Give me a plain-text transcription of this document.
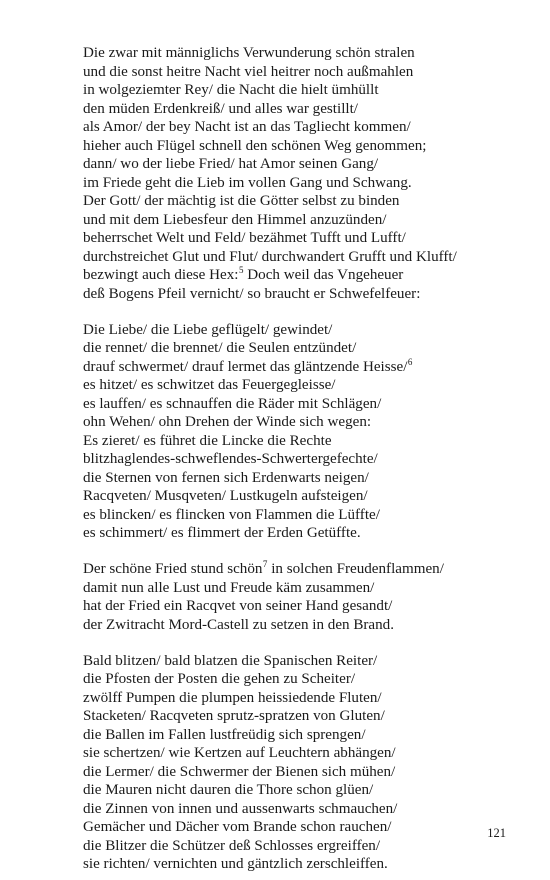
Die zwar mit männiglichs Verwunderung schön stralen
und die sonst heitre Nacht viel heitrer noch außmahlen
in wolgeziemter Rey/ die Nacht die hielt ümhüllt
den müden Erdenkreiß/ und alles war gestillt/
als Amor/ der bey Nacht ist an das Tagliecht kommen/
hieher auch Flügel schnell den schönen Weg genommen;
dann/ wo der liebe Fried/ hat Amor seinen Gang/
im Friede geht die Lieb im vollen Gang und Schwang.
Der Gott/ der mächtig ist die Götter selbst zu binden
und mit dem Liebesfeur den Himmel anzuzünden/
beherrschet Welt und Feld/ bezähmet Tufft und Lufft/
durchstreichet Glut und Flut/ durchwandert Grufft und Klufft/
bezwingt auch diese Hex:$^5$ Doch weil das Vngeheuer
deß Bogens Pfeil vernicht/ so braucht er Schwefelfeuer:
Die Liebe/ die Liebe geflügelt/ gewindet/
die rennet/ die brennet/ die Seulen entzündet/
drauf schwermet/ drauf lermet das gläntzende Heisse/$^6$
es hitzet/ es schwitzet das Feuergegleisse/
es lauffen/ es schnauffen die Räder mit Schlägen/
ohn Wehen/ ohn Drehen der Winde sich wegen:
Es zieret/ es führet die Lincke die Rechte
blitzhaglendes-schweflendes-Schwertergefechte/
die Sternen von fernen sich Erdenwarts neigen/
Racqveten/ Musqveten/ Lustkugeln aufsteigen/
es blincken/ es flincken von Flammen die Lüffte/
es schimmert/ es flimmert der Erden Getüffte.
Der schöne Fried stund schön$^7$ in solchen Freudenflammen/
damit nun alle Lust und Freude käm zusammen/
hat der Fried ein Racqvet von seiner Hand gesandt/
der Zwitracht Mord-Castell zu setzen in den Brand.
Bald blitzen/ bald blatzen die Spanischen Reiter/
die Pfosten der Posten die gehen zu Scheiter/
zwölff Pumpen die plumpen heissiedende Fluten/
Stacketen/ Racqveten sprutz-spratzen von Gluten/
die Ballen im Fallen lustfreüdig sich sprengen/
sie schertzen/ wie Kertzen auf Leuchtern abhängen/
die Lermer/ die Schwermer der Bienen sich mühen/
die Mauren nicht dauren die Thore schon glüen/
die Zinnen von innen und aussenwarts schmauchen/
Gemächer und Dächer vom Brande schon rauchen/
die Blitzer die Schützer deß Schlosses ergreiffen/
sie richten/ vernichten und gäntzlich zerschleiffen.
121
